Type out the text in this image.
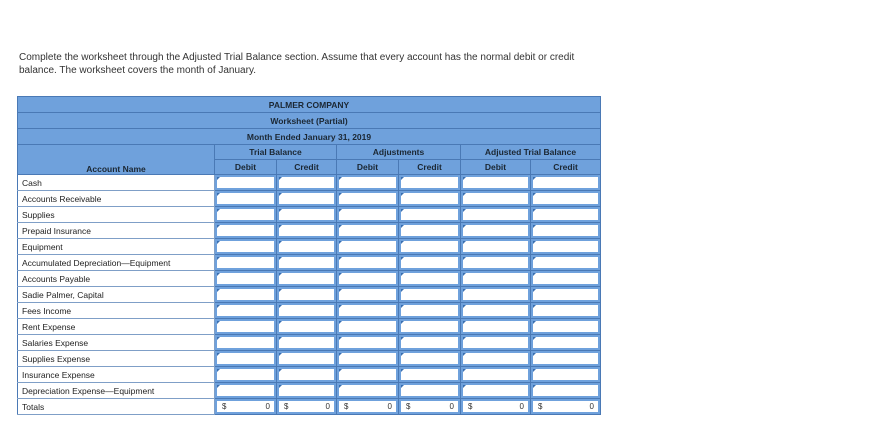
Complete the worksheet through the Adjusted Trial Balance section. Assume that every account has the normal debit or credit
balance. The worksheet covers the month of January.
PALMER COMPANY						
Worksheet (Partial)						
Month Ended January 31, 2019						
Account Name	Trial Balance		Adjustments		Adjusted Trial Balance	
	Debit	Credit	Debit	Credit	Debit	Credit
Cash	

Accounts Receivable	

Supplies	

Prepaid Insurance	

Equipment	

Accumulated Depreciation—Equipment	

Accounts Payable	

Sadie Palmer, Capital	

Fees Income	

Rent Expense	

Salaries Expense	

Supplies Expense	

Insurance Expense	

Depreciation Expense—Equipment	

Totals	$ 0	$ 0	$ 0	$ 0	$ 0	$ 0
